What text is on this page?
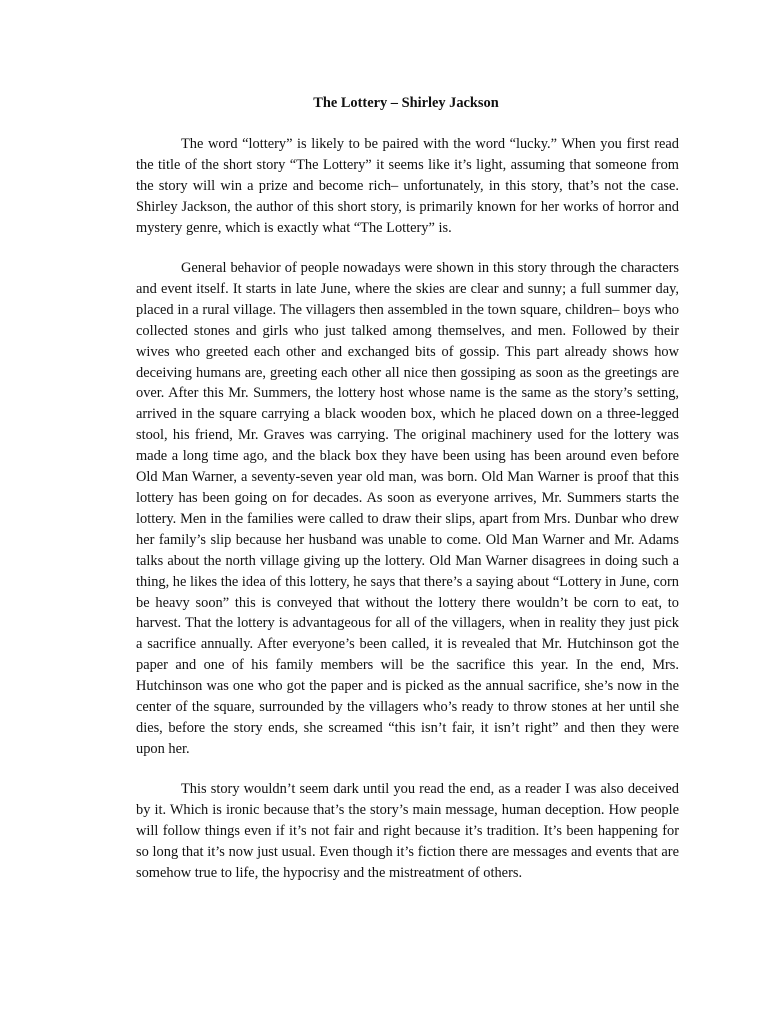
The Lottery – Shirley Jackson

The word “lottery” is likely to be paired with the word “lucky.” When you first read the title of the short story “The Lottery” it seems like it’s light, assuming that someone from the story will win a prize and become rich– unfortunately, in this story, that’s not the case. Shirley Jackson, the author of this short story, is primarily known for her works of horror and mystery genre, which is exactly what “The Lottery” is.

General behavior of people nowadays were shown in this story through the characters and event itself. It starts in late June, where the skies are clear and sunny; a full summer day, placed in a rural village. The villagers then assembled in the town square, children– boys who collected stones and girls who just talked among themselves, and men. Followed by their wives who greeted each other and exchanged bits of gossip. This part already shows how deceiving humans are, greeting each other all nice then gossiping as soon as the greetings are over. After this Mr. Summers, the lottery host whose name is the same as the story’s setting, arrived in the square carrying a black wooden box, which he placed down on a three-legged stool, his friend, Mr. Graves was carrying. The original machinery used for the lottery was made a long time ago, and the black box they have been using has been around even before Old Man Warner, a seventy-seven year old man, was born. Old Man Warner is proof that this lottery has been going on for decades. As soon as everyone arrives, Mr. Summers starts the lottery. Men in the families were called to draw their slips, apart from Mrs. Dunbar who drew her family’s slip because her husband was unable to come. Old Man Warner and Mr. Adams talks about the north village giving up the lottery. Old Man Warner disagrees in doing such a thing, he likes the idea of this lottery, he says that there’s a saying about “Lottery in June, corn be heavy soon” this is conveyed that without the lottery there wouldn’t be corn to eat, to harvest. That the lottery is advantageous for all of the villagers, when in reality they just pick a sacrifice annually. After everyone’s been called, it is revealed that Mr. Hutchinson got the paper and one of his family members will be the sacrifice this year. In the end, Mrs. Hutchinson was one who got the paper and is picked as the annual sacrifice, she’s now in the center of the square, surrounded by the villagers who’s ready to throw stones at her until she dies, before the story ends, she screamed “this isn’t fair, it isn’t right” and then they were upon her.

This story wouldn’t seem dark until you read the end, as a reader I was also deceived by it. Which is ironic because that’s the story’s main message, human deception. How people will follow things even if it’s not fair and right because it’s tradition. It’s been happening for so long that it’s now just usual. Even though it’s fiction there are messages and events that are somehow true to life, the hypocrisy and the mistreatment of others.
